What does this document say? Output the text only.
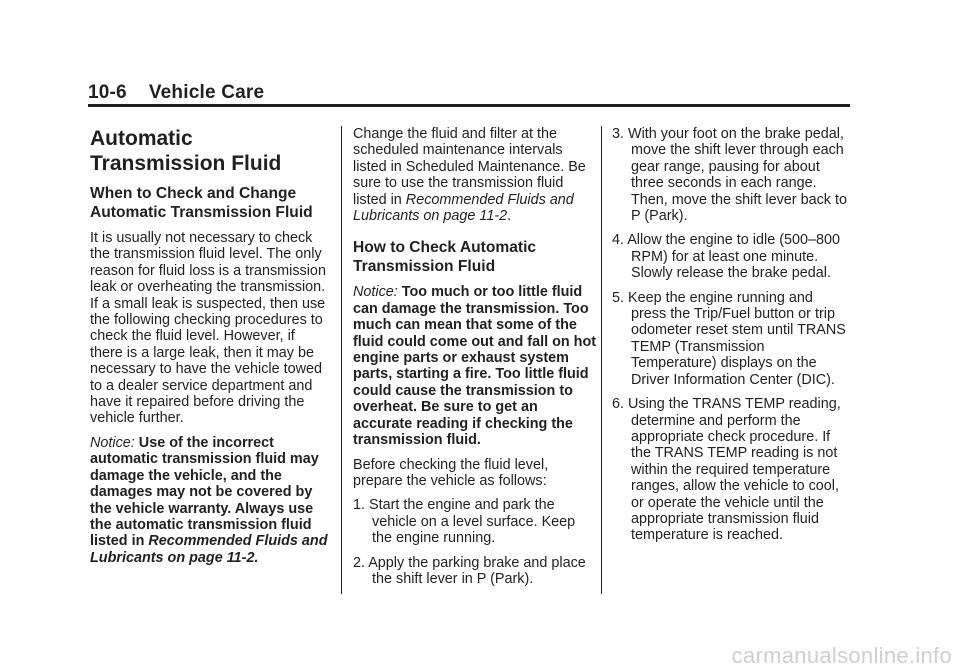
10-6 Vehicle Care
Automatic Transmission Fluid
When to Check and Change Automatic Transmission Fluid

It is usually not necessary to check the transmission fluid level. The only reason for fluid loss is a transmission leak or overheating the transmission. If a small leak is suspected, then use the following checking procedures to check the fluid level. However, if there is a large leak, then it may be necessary to have the vehicle towed to a dealer service department and have it repaired before driving the vehicle further.

Notice: Use of the incorrect automatic transmission fluid may damage the vehicle, and the damages may not be covered by the vehicle warranty. Always use the automatic transmission fluid listed in Recommended Fluids and Lubricants on page 11-2.

Change the fluid and filter at the scheduled maintenance intervals listed in Scheduled Maintenance. Be sure to use the transmission fluid listed in Recommended Fluids and Lubricants on page 11-2.

How to Check Automatic Transmission Fluid

Notice: Too much or too little fluid can damage the transmission. Too much can mean that some of the fluid could come out and fall on hot engine parts or exhaust system parts, starting a fire. Too little fluid could cause the transmission to overheat. Be sure to get an accurate reading if checking the transmission fluid.

Before checking the fluid level, prepare the vehicle as follows:

1. Start the engine and park the vehicle on a level surface. Keep the engine running.

2. Apply the parking brake and place the shift lever in P (Park).

3. With your foot on the brake pedal, move the shift lever through each gear range, pausing for about three seconds in each range. Then, move the shift lever back to P (Park).

4. Allow the engine to idle (500–800 RPM) for at least one minute. Slowly release the brake pedal.

5. Keep the engine running and press the Trip/Fuel button or trip odometer reset stem until TRANS TEMP (Transmission Temperature) displays on the Driver Information Center (DIC).

6. Using the TRANS TEMP reading, determine and perform the appropriate check procedure. If the TRANS TEMP reading is not within the required temperature ranges, allow the vehicle to cool, or operate the vehicle until the appropriate transmission fluid temperature is reached.

carmanualsonline.info
